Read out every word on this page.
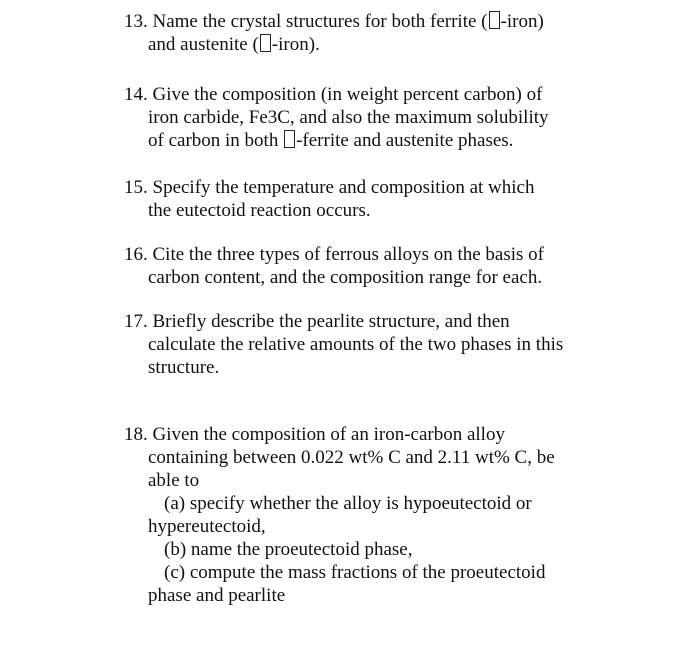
13. Name the crystal structures for both ferrite ( -iron)
and austenite ( -iron).
14. Give the composition (in weight percent carbon) of
iron carbide, Fe3C, and also the maximum solubility
of carbon in both -ferrite and austenite phases.
15. Specify the temperature and composition at which
the eutectoid reaction occurs.
16. Cite the three types of ferrous alloys on the basis of
carbon content, and the composition range for each.
17. Briefly describe the pearlite structure, and then
calculate the relative amounts of the two phases in this
structure.
18. Given the composition of an iron-carbon alloy
containing between 0.022 wt% C and 2.11 wt% C, be
able to
(a) specify whether the alloy is hypoeutectoid or
hypereutectoid,
(b) name the proeutectoid phase,
(c) compute the mass fractions of the proeutectoid
phase and pearlite
